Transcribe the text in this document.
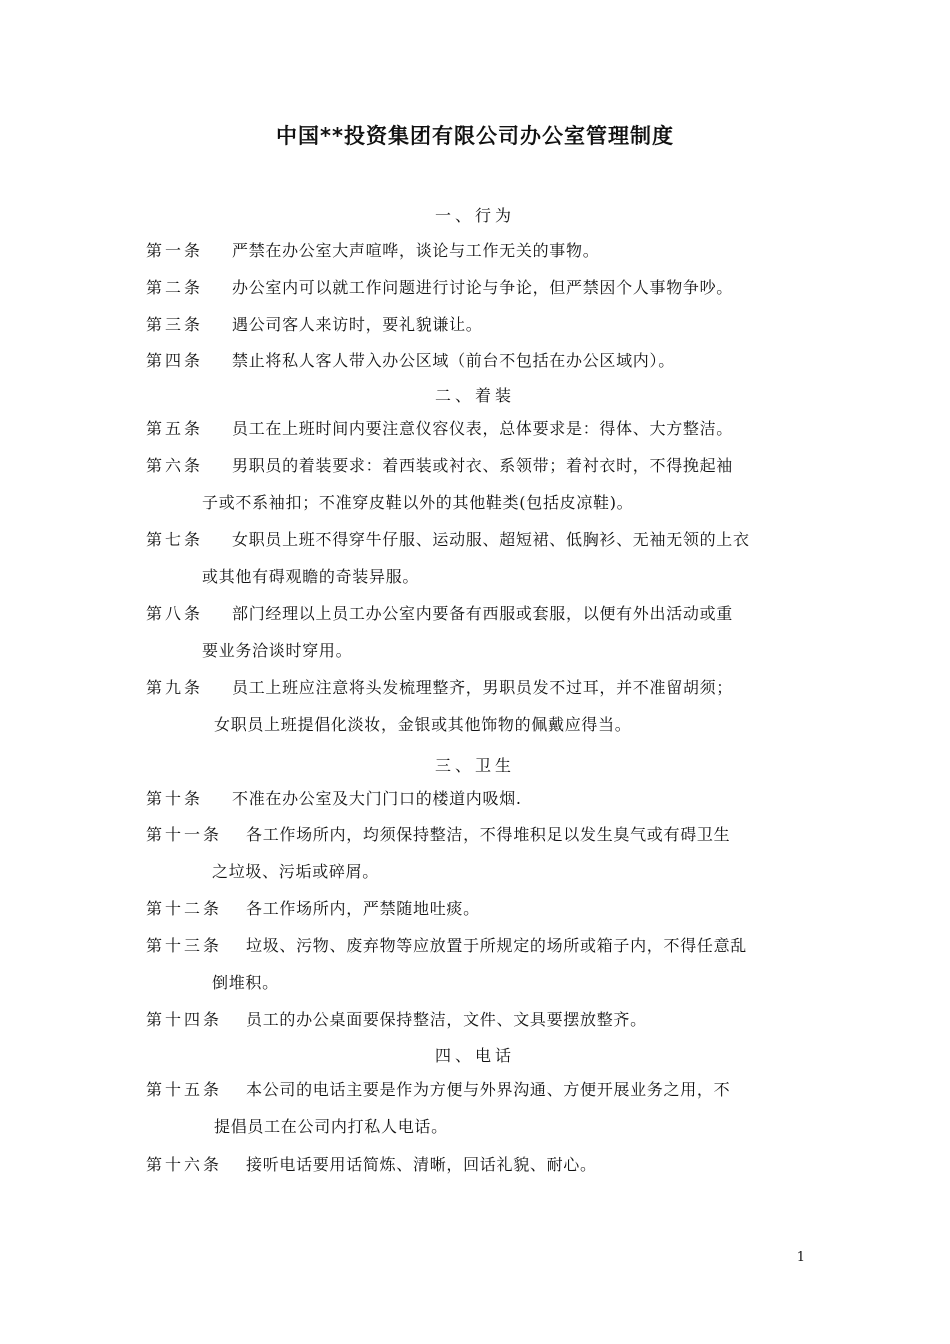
中国**投资集团有限公司办公室管理制度
一、行为
第一条 严禁在办公室大声喧哗，谈论与工作无关的事物。
第二条 办公室内可以就工作问题进行讨论与争论，但严禁因个人事物争吵。
第三条 遇公司客人来访时，要礼貌谦让。
第四条 禁止将私人客人带入办公区域（前台不包括在办公区域内）。
二、着装
第五条 员工在上班时间内要注意仪容仪表，总体要求是：得体、大方整洁。
第六条 男职员的着装要求：着西装或衬衣、系领带；着衬衣时，不得挽起袖
子或不系袖扣；不准穿皮鞋以外的其他鞋类(包括皮凉鞋)。
第七条 女职员上班不得穿牛仔服、运动服、超短裙、低胸衫、无袖无领的上衣
或其他有碍观瞻的奇装异服。
第八条 部门经理以上员工办公室内要备有西服或套服，以便有外出活动或重
要业务洽谈时穿用。
第九条 员工上班应注意将头发梳理整齐，男职员发不过耳，并不准留胡须；
女职员上班提倡化淡妆，金银或其他饰物的佩戴应得当。
三、卫生
第十条 不准在办公室及大门门口的楼道内吸烟.
第十一条 各工作场所内，均须保持整洁，不得堆积足以发生臭气或有碍卫生
之垃圾、污垢或碎屑。
第十二条 各工作场所内，严禁随地吐痰。
第十三条 垃圾、污物、废弃物等应放置于所规定的场所或箱子内，不得任意乱
倒堆积。
第十四条 员工的办公桌面要保持整洁，文件、文具要摆放整齐。
四、电话
第十五条 本公司的电话主要是作为方便与外界沟通、方便开展业务之用，不
提倡员工在公司内打私人电话。
第十六条 接听电话要用话简炼、清晰，回话礼貌、耐心。
1
